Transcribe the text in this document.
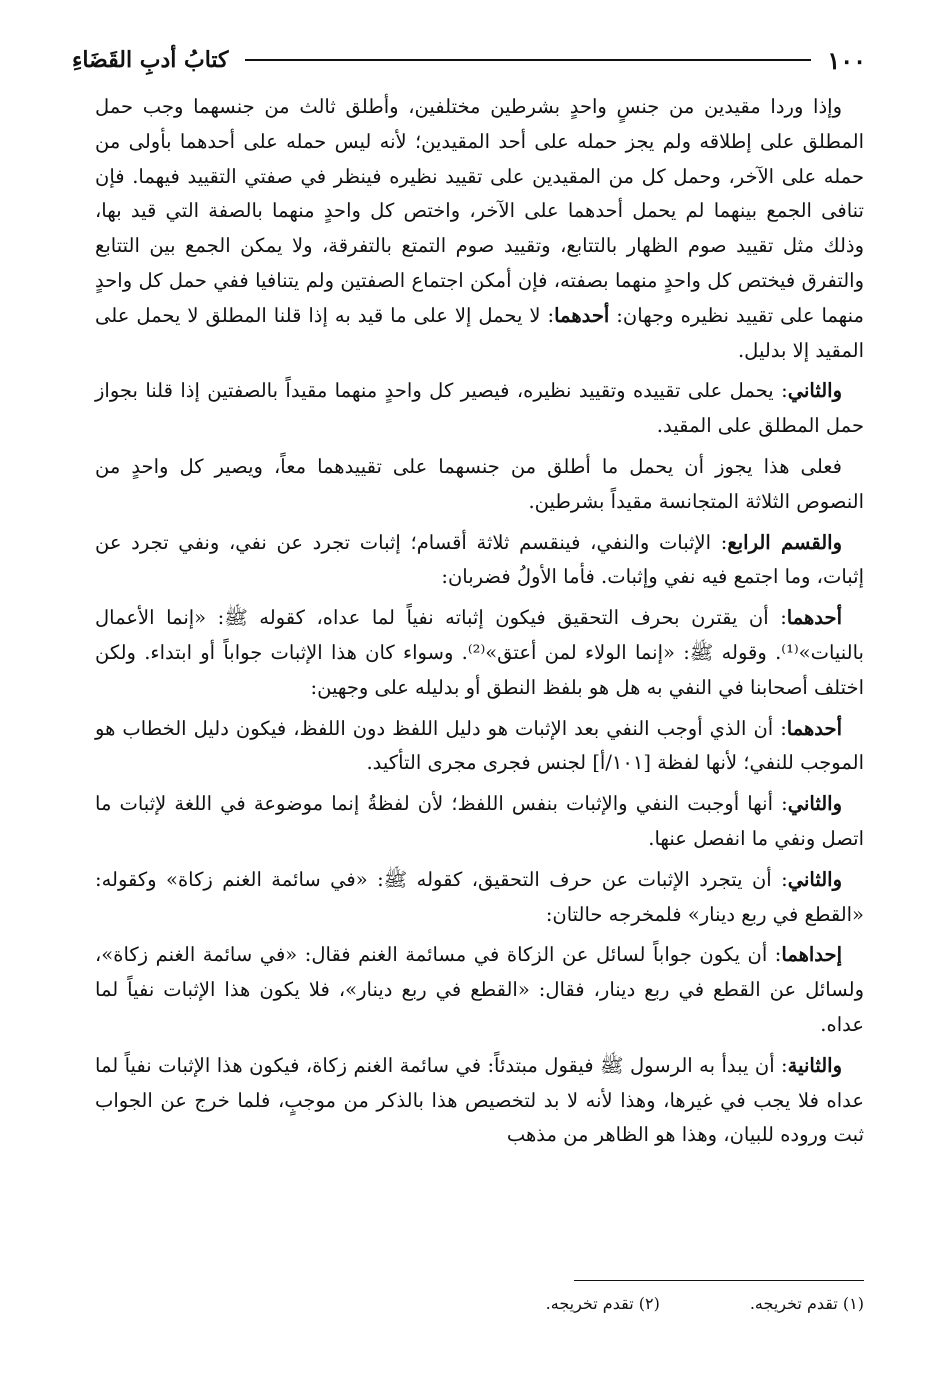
١٠٠
كتابُ أدبِ القَضَاءِ

وإذا وردا مقيدين من جنسٍ واحدٍ بشرطين مختلفين، وأطلق ثالث من جنسهما وجب حمل المطلق على إطلاقه ولم يجز حمله على أحد المقيدين؛ لأنه ليس حمله على أحدهما بأولى من حمله على الآخر، وحمل كل من المقيدين على تقييد نظيره فينظر في صفتي التقييد فيهما. فإن تنافى الجمع بينهما لم يحمل أحدهما على الآخر، واختص كل واحدٍ منهما بالصفة التي قيد بها، وذلك مثل تقييد صوم الظهار بالتتابع، وتقييد صوم التمتع بالتفرقة، ولا يمكن الجمع بين التتابع والتفرق فيختص كل واحدٍ منهما بصفته، فإن أمكن اجتماع الصفتين ولم يتنافيا ففي حمل كل واحدٍ منهما على تقييد نظيره وجهان: أحدهما: لا يحمل إلا على ما قيد به إذا قلنا المطلق لا يحمل على المقيد إلا بدليل.

والثاني: يحمل على تقييده وتقييد نظيره، فيصير كل واحدٍ منهما مقيداً بالصفتين إذا قلنا بجواز حمل المطلق على المقيد.

فعلى هذا يجوز أن يحمل ما أطلق من جنسهما على تقييدهما معاً، ويصير كل واحدٍ من النصوص الثلاثة المتجانسة مقيداً بشرطين.

والقسم الرابع: الإثبات والنفي، فينقسم ثلاثة أقسام؛ إثبات تجرد عن نفي، ونفي تجرد عن إثبات، وما اجتمع فيه نفي وإثبات. فأما الأولُ فضربان:

أحدهما: أن يقترن بحرف التحقيق فيكون إثباته نفياً لما عداه، كقوله ﷺ: «إنما الأعمال بالنيات»⁽¹⁾. وقوله ﷺ: «إنما الولاء لمن أعتق»⁽²⁾. وسواء كان هذا الإثبات جواباً أو ابتداء. ولكن اختلف أصحابنا في النفي به هل هو بلفظ النطق أو بدليله على وجهين:

أحدهما: أن الذي أوجب النفي بعد الإثبات هو دليل اللفظ دون اللفظ، فيكون دليل الخطاب هو الموجب للنفي؛ لأنها لفظة [١٠١/أ] لجنس فجرى مجرى التأكيد.

والثاني: أنها أوجبت النفي والإثبات بنفس اللفظ؛ لأن لفظةُ إنما موضوعة في اللغة لإثبات ما اتصل ونفي ما انفصل عنها.

والثاني: أن يتجرد الإثبات عن حرف التحقيق، كقوله ﷺ: «في سائمة الغنم زكاة» وكقوله: «القطع في ربع دينار» فلمخرجه حالتان:

إحداهما: أن يكون جواباً لسائل عن الزكاة في مسائمة الغنم فقال: «في سائمة الغنم زكاة»، ولسائل عن القطع في ربع دينار، فقال: «القطع في ربع دينار»، فلا يكون هذا الإثبات نفياً لما عداه.

والثانية: أن يبدأ به الرسول ﷺ فيقول مبتدئاً: في سائمة الغنم زكاة، فيكون هذا الإثبات نفياً لما عداه فلا يجب في غيرها، وهذا لأنه لا بد لتخصيص هذا بالذكر من موجبٍ، فلما خرج عن الجواب ثبت وروده للبيان، وهذا هو الظاهر من مذهب

(١) تقدم تخريجه.
(٢) تقدم تخريجه.
